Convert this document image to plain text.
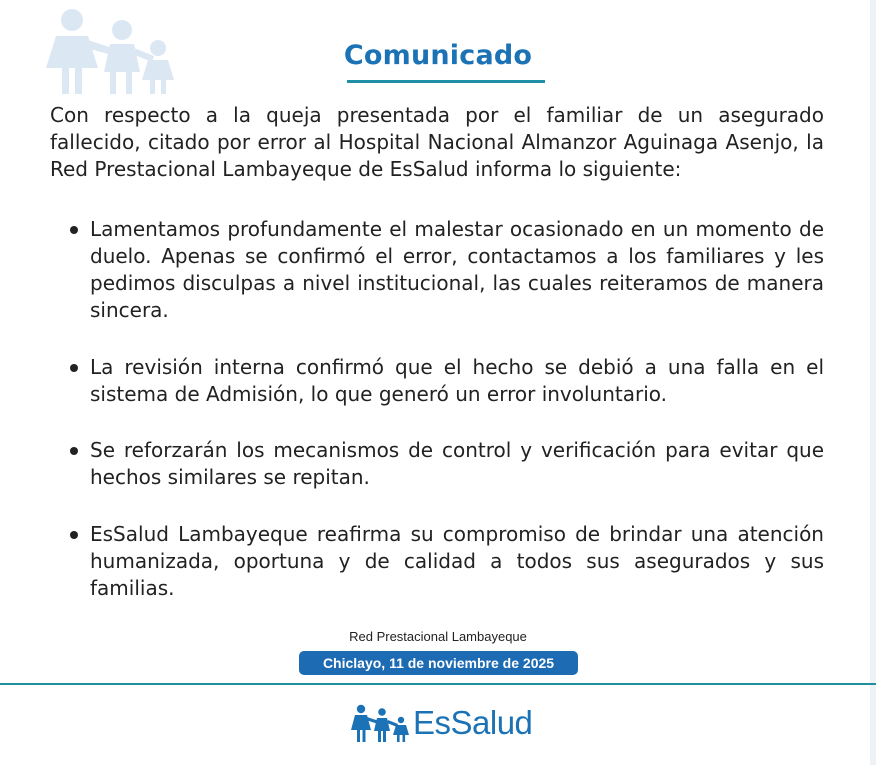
Comunicado

Con respecto a la queja presentada por el familiar de un asegurado fallecido, citado por error al Hospital Nacional Almanzor Aguinaga Asenjo, la Red Prestacional Lambayeque de EsSalud informa lo siguiente:

Lamentamos profundamente el malestar ocasionado en un momento de duelo. Apenas se confirmó el error, contactamos a los familiares y les pedimos disculpas a nivel institucional, las cuales reiteramos de manera sincera.
La revisión interna confirmó que el hecho se debió a una falla en el sistema de Admisión, lo que generó un error involuntario.
Se reforzarán los mecanismos de control y verificación para evitar que hechos similares se repitan.
EsSalud Lambayeque reafirma su compromiso de brindar una atención humanizada, oportuna y de calidad a todos sus asegurados y sus familias.
Red Prestacional Lambayeque
Chiclayo, 11 de noviembre de 2025
EsSalud
